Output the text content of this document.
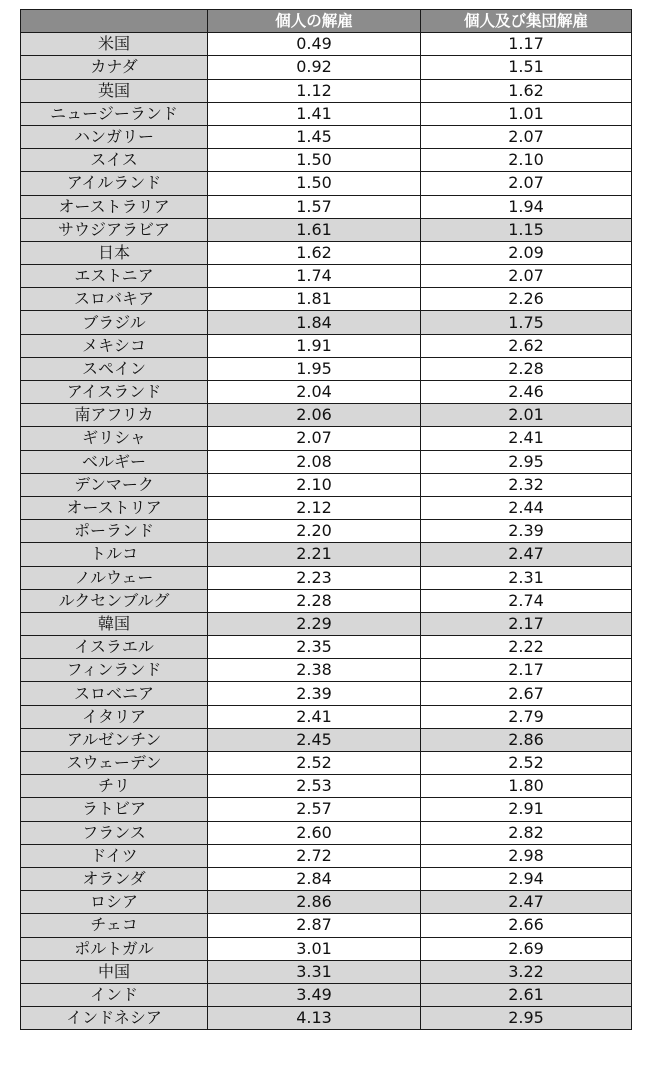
	個人の解雇	個人及び集団解雇
米国	0.49	1.17
カナダ	0.92	1.51
英国	1.12	1.62
ニュージーランド	1.41	1.01
ハンガリー	1.45	2.07
スイス	1.50	2.10
アイルランド	1.50	2.07
オーストラリア	1.57	1.94
サウジアラビア	1.61	1.15
日本	1.62	2.09
エストニア	1.74	2.07
スロバキア	1.81	2.26
ブラジル	1.84	1.75
メキシコ	1.91	2.62
スペイン	1.95	2.28
アイスランド	2.04	2.46
南アフリカ	2.06	2.01
ギリシャ	2.07	2.41
ベルギー	2.08	2.95
デンマーク	2.10	2.32
オーストリア	2.12	2.44
ポーランド	2.20	2.39
トルコ	2.21	2.47
ノルウェー	2.23	2.31
ルクセンブルグ	2.28	2.74
韓国	2.29	2.17
イスラエル	2.35	2.22
フィンランド	2.38	2.17
スロベニア	2.39	2.67
イタリア	2.41	2.79
アルゼンチン	2.45	2.86
スウェーデン	2.52	2.52
チリ	2.53	1.80
ラトビア	2.57	2.91
フランス	2.60	2.82
ドイツ	2.72	2.98
オランダ	2.84	2.94
ロシア	2.86	2.47
チェコ	2.87	2.66
ポルトガル	3.01	2.69
中国	3.31	3.22
インド	3.49	2.61
インドネシア	4.13	2.95
